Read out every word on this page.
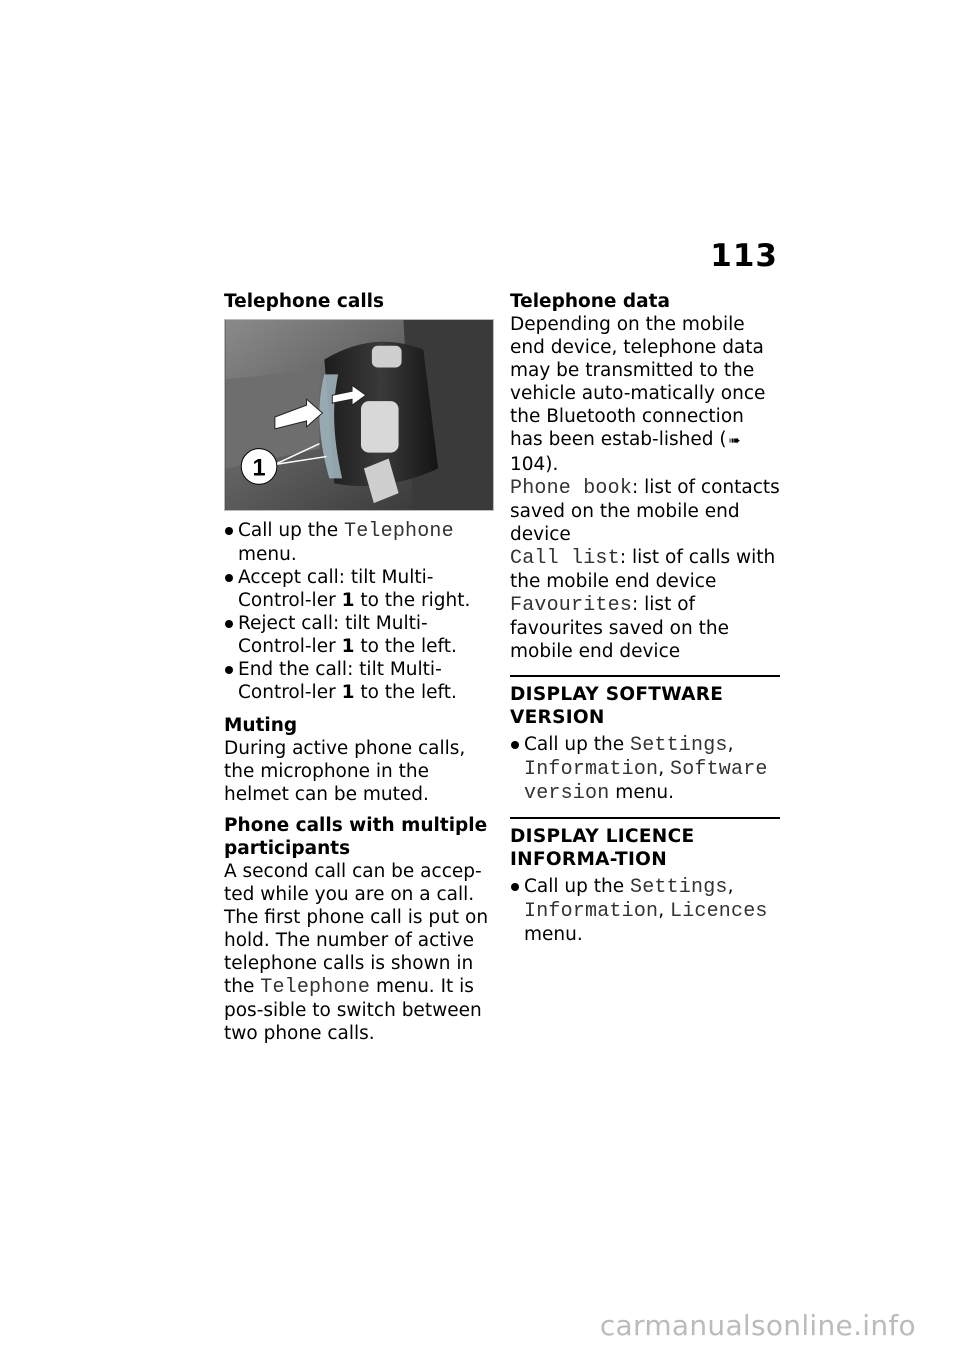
113

Telephone calls

1
Call up the Telephone menu.
Accept call: tilt Multi-Control-ler 1 to the right.
Reject call: tilt Multi-Control-ler 1 to the left.
End the call: tilt Multi-Control-ler 1 to the left.

Muting

During active phone calls, the microphone in the helmet can be muted.

Phone calls with multiple participants

A second call can be accep-ted while you are on a call. The first phone call is put on hold. The number of active telephone calls is shown in the Telephone menu. It is pos-sible to switch between two phone calls.

Telephone data

Depending on the mobile end device, telephone data may be transmitted to the vehicle auto-matically once the Bluetooth connection has been estab-lished ( ➠104).

Phone book: list of contacts saved on the mobile end device

Call list: list of calls with the mobile end device

Favourites: list of favourites saved on the mobile end device

DISPLAY SOFTWARE VERSION

Call up the Settings, Information, Software version menu.

DISPLAY LICENCE INFORMA-TION

Call up the Settings, Information, Licences menu.
carmanualsonline.info
